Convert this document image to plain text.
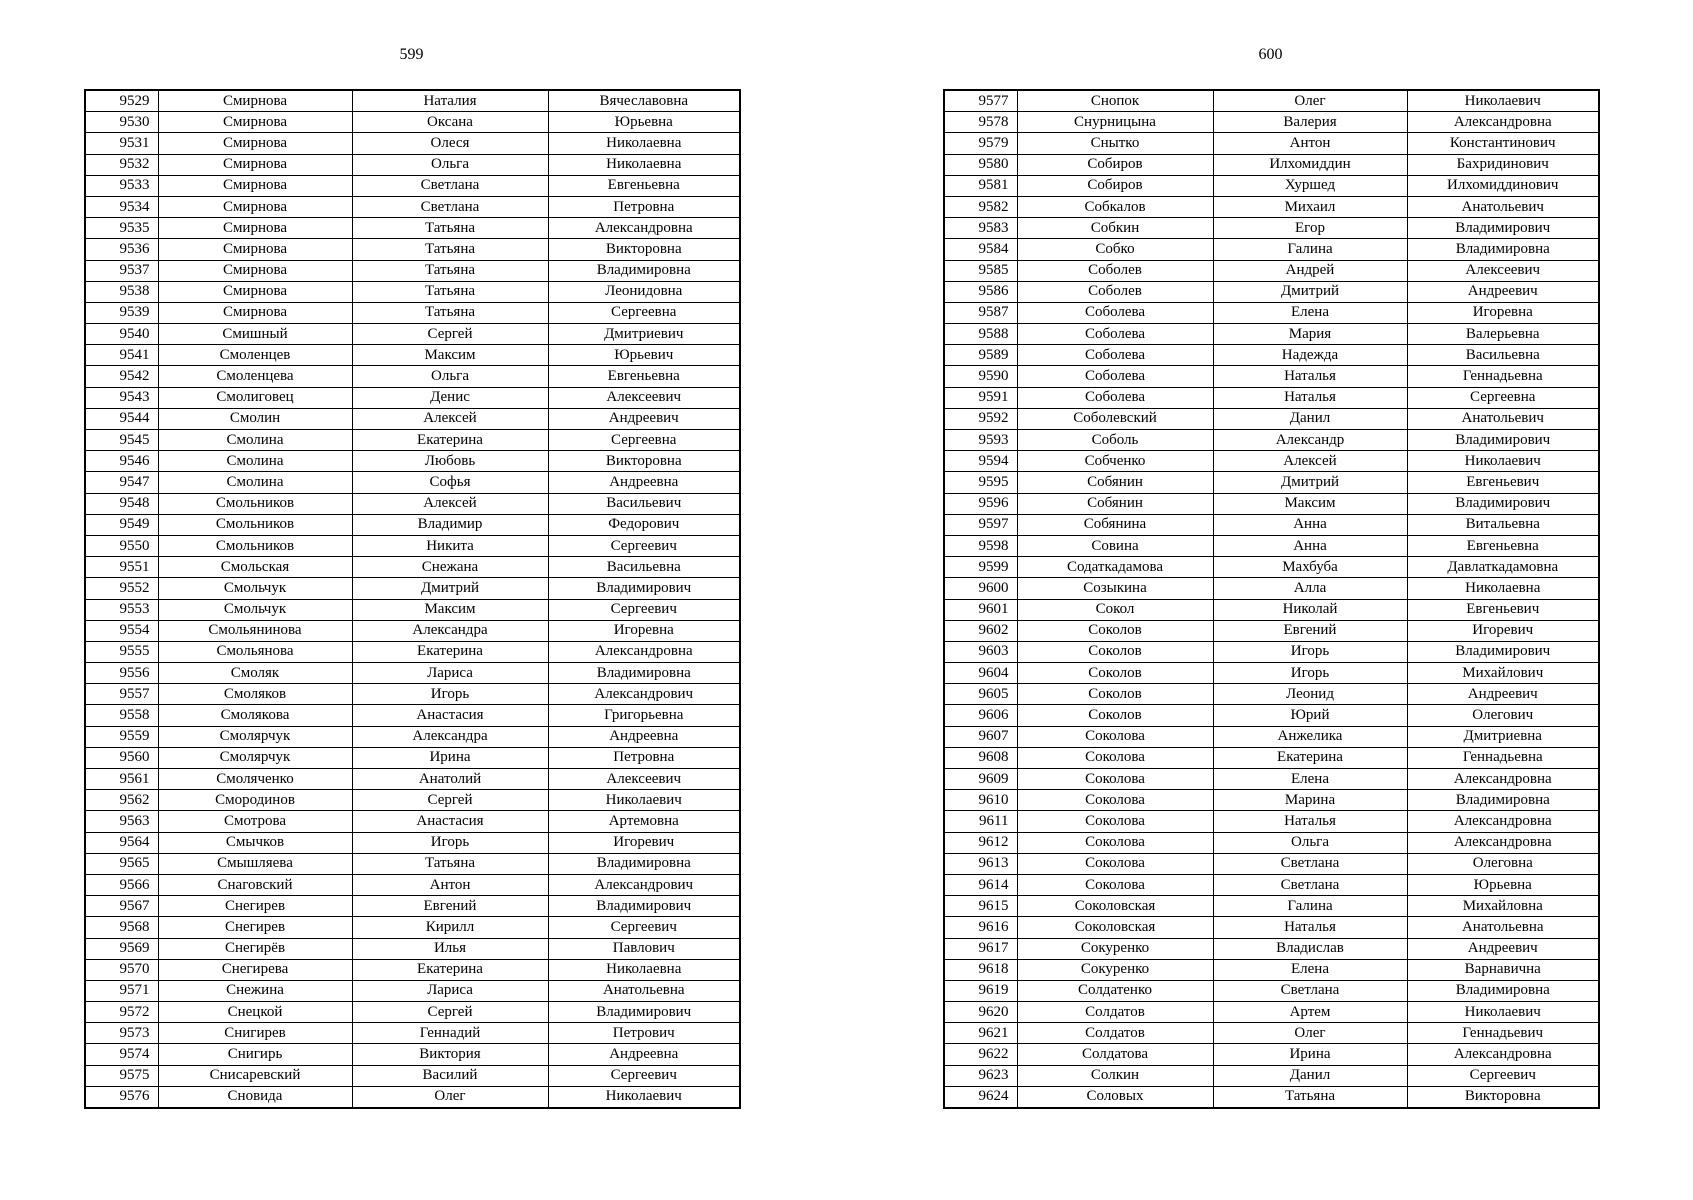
599
9529	Смирнова	Наталия	Вячеславовна
9530	Смирнова	Оксана	Юрьевна
9531	Смирнова	Олеся	Николаевна
9532	Смирнова	Ольга	Николаевна
9533	Смирнова	Светлана	Евгеньевна
9534	Смирнова	Светлана	Петровна
9535	Смирнова	Татьяна	Александровна
9536	Смирнова	Татьяна	Викторовна
9537	Смирнова	Татьяна	Владимировна
9538	Смирнова	Татьяна	Леонидовна
9539	Смирнова	Татьяна	Сергеевна
9540	Смишный	Сергей	Дмитриевич
9541	Смоленцев	Максим	Юрьевич
9542	Смоленцева	Ольга	Евгеньевна
9543	Смолиговец	Денис	Алексеевич
9544	Смолин	Алексей	Андреевич
9545	Смолина	Екатерина	Сергеевна
9546	Смолина	Любовь	Викторовна
9547	Смолина	Софья	Андреевна
9548	Смольников	Алексей	Васильевич
9549	Смольников	Владимир	Федорович
9550	Смольников	Никита	Сергеевич
9551	Смольская	Снежана	Васильевна
9552	Смольчук	Дмитрий	Владимирович
9553	Смольчук	Максим	Сергеевич
9554	Смольянинова	Александра	Игоревна
9555	Смольянова	Екатерина	Александровна
9556	Смоляк	Лариса	Владимировна
9557	Смоляков	Игорь	Александрович
9558	Смолякова	Анастасия	Григорьевна
9559	Смолярчук	Александра	Андреевна
9560	Смолярчук	Ирина	Петровна
9561	Смоляченко	Анатолий	Алексеевич
9562	Смородинов	Сергей	Николаевич
9563	Смотрова	Анастасия	Артемовна
9564	Смычков	Игорь	Игоревич
9565	Смышляева	Татьяна	Владимировна
9566	Снаговский	Антон	Александрович
9567	Снегирев	Евгений	Владимирович
9568	Снегирев	Кирилл	Сергеевич
9569	Снегирёв	Илья	Павлович
9570	Снегирева	Екатерина	Николаевна
9571	Снежина	Лариса	Анатольевна
9572	Снецкой	Сергей	Владимирович
9573	Снигирев	Геннадий	Петрович
9574	Снигирь	Виктория	Андреевна
9575	Снисаревский	Василий	Сергеевич
9576	Сновида	Олег	Николаевич
600
9577	Снопок	Олег	Николаевич
9578	Снурницына	Валерия	Александровна
9579	Снытко	Антон	Константинович
9580	Собиров	Илхомиддин	Бахридинович
9581	Собиров	Хуршед	Илхомиддинович
9582	Собкалов	Михаил	Анатольевич
9583	Собкин	Егор	Владимирович
9584	Собко	Галина	Владимировна
9585	Соболев	Андрей	Алексеевич
9586	Соболев	Дмитрий	Андреевич
9587	Соболева	Елена	Игоревна
9588	Соболева	Мария	Валерьевна
9589	Соболева	Надежда	Васильевна
9590	Соболева	Наталья	Геннадьевна
9591	Соболева	Наталья	Сергеевна
9592	Соболевский	Данил	Анатольевич
9593	Соболь	Александр	Владимирович
9594	Собченко	Алексей	Николаевич
9595	Собянин	Дмитрий	Евгеньевич
9596	Собянин	Максим	Владимирович
9597	Собянина	Анна	Витальевна
9598	Совина	Анна	Евгеньевна
9599	Содаткадамова	Махбуба	Давлаткадамовна
9600	Созыкина	Алла	Николаевна
9601	Сокол	Николай	Евгеньевич
9602	Соколов	Евгений	Игоревич
9603	Соколов	Игорь	Владимирович
9604	Соколов	Игорь	Михайлович
9605	Соколов	Леонид	Андреевич
9606	Соколов	Юрий	Олегович
9607	Соколова	Анжелика	Дмитриевна
9608	Соколова	Екатерина	Геннадьевна
9609	Соколова	Елена	Александровна
9610	Соколова	Марина	Владимировна
9611	Соколова	Наталья	Александровна
9612	Соколова	Ольга	Александровна
9613	Соколова	Светлана	Олеговна
9614	Соколова	Светлана	Юрьевна
9615	Соколовская	Галина	Михайловна
9616	Соколовская	Наталья	Анатольевна
9617	Сокуренко	Владислав	Андреевич
9618	Сокуренко	Елена	Варнавична
9619	Солдатенко	Светлана	Владимировна
9620	Солдатов	Артем	Николаевич
9621	Солдатов	Олег	Геннадьевич
9622	Солдатова	Ирина	Александровна
9623	Солкин	Данил	Сергеевич
9624	Соловых	Татьяна	Викторовна
